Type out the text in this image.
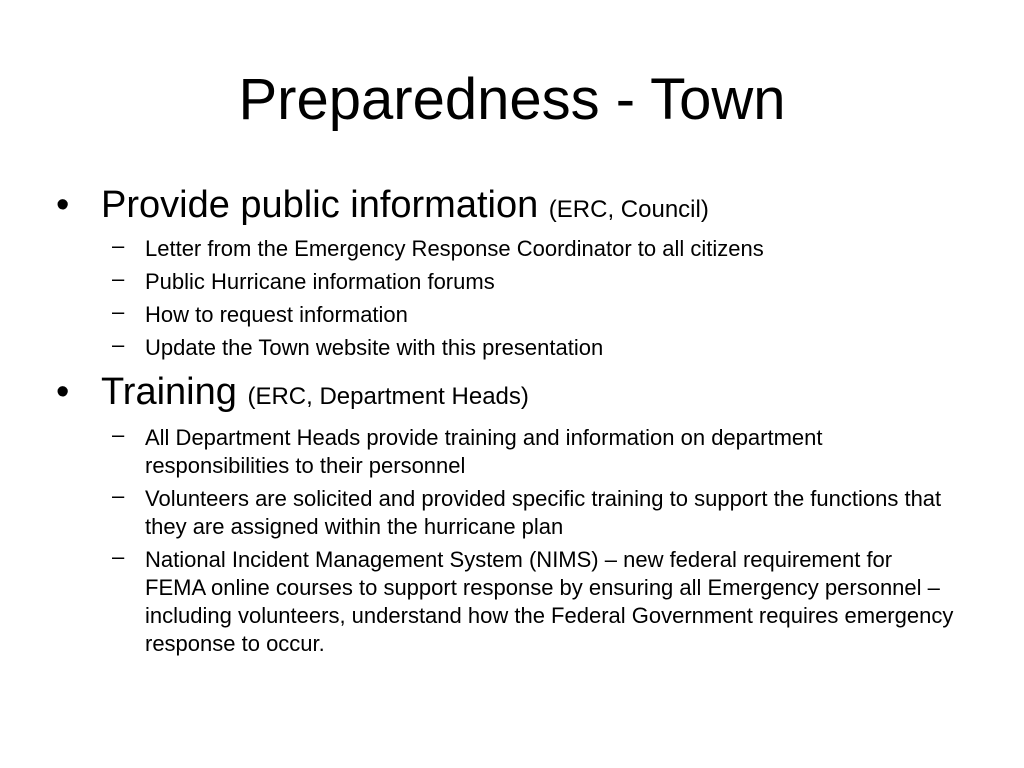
Preparedness - Town

• Provide public information (ERC, Council)

– Letter from the Emergency Response Coordinator to all citizens
– Public Hurricane information forums
– How to request information
– Update the Town website with this presentation

• Training (ERC, Department Heads)

– All Department Heads provide training and information on department responsibilities to their personnel
– Volunteers are solicited and provided specific training to support the functions that they are assigned within the hurricane plan
– National Incident Management System (NIMS) – new federal requirement for FEMA online courses to support response by ensuring all Emergency personnel – including volunteers, understand how the Federal Government requires emergency response to occur.
